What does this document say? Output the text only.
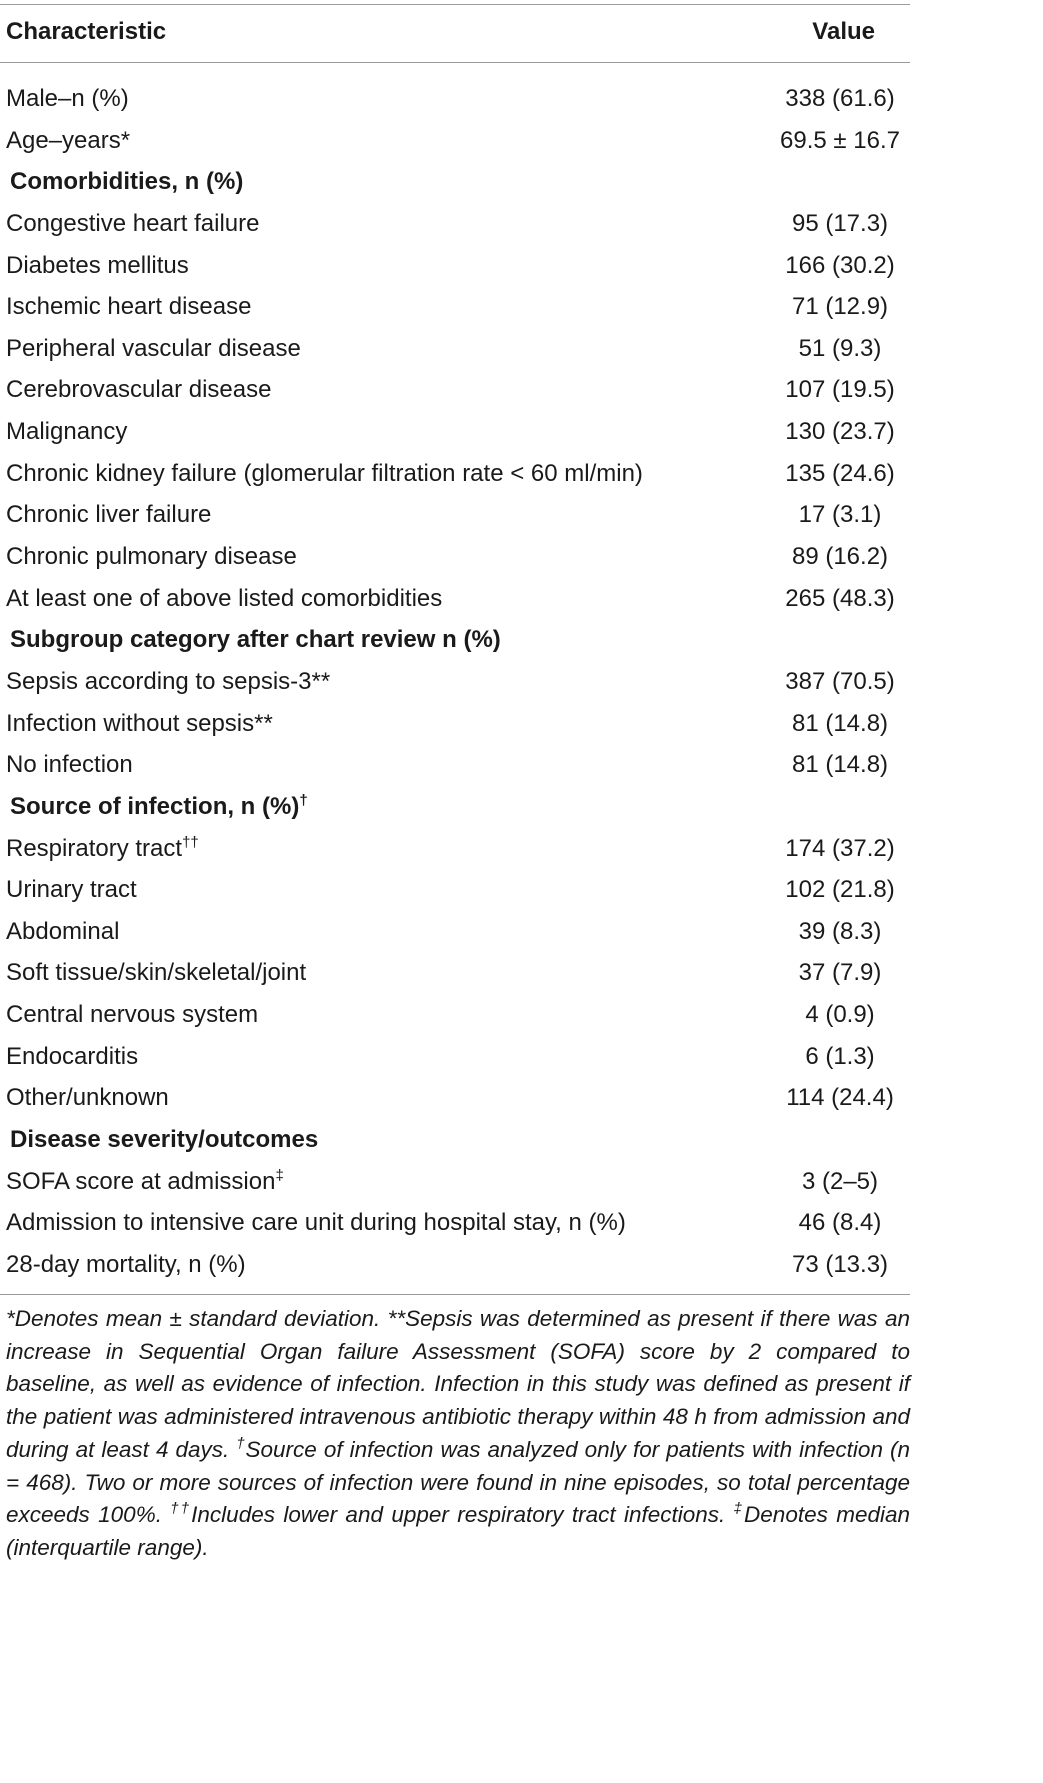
Characteristic	Value
Male–n (%)	338 (61.6)
Age–years*	69.5 ± 16.7
Comorbidities, n (%)
Congestive heart failure	95 (17.3)
Diabetes mellitus	166 (30.2)
Ischemic heart disease	71 (12.9)
Peripheral vascular disease	51 (9.3)
Cerebrovascular disease	107 (19.5)
Malignancy	130 (23.7)
Chronic kidney failure (glomerular filtration rate < 60 ml/min)	135 (24.6)
Chronic liver failure	17 (3.1)
Chronic pulmonary disease	89 (16.2)
At least one of above listed comorbidities	265 (48.3)
Subgroup category after chart review n (%)
Sepsis according to sepsis-3**	387 (70.5)
Infection without sepsis**	81 (14.8)
No infection	81 (14.8)
Source of infection, n (%)†
Respiratory tract††	174 (37.2)
Urinary tract	102 (21.8)
Abdominal	39 (8.3)
Soft tissue/skin/skeletal/joint	37 (7.9)
Central nervous system	4 (0.9)
Endocarditis	6 (1.3)
Other/unknown	114 (24.4)
Disease severity/outcomes
SOFA score at admission‡	3 (2–5)
Admission to intensive care unit during hospital stay, n (%)	46 (8.4)
28-day mortality, n (%)	73 (13.3)
*Denotes mean ± standard deviation. **Sepsis was determined as present if there was an increase in Sequential Organ failure Assessment (SOFA) score by 2 compared to baseline, as well as evidence of infection. Infection in this study was defined as present if the patient was administered intravenous antibiotic therapy within 48 h from admission and during at least 4 days. †Source of infection was analyzed only for patients with infection (n = 468). Two or more sources of infection were found in nine episodes, so total percentage exceeds 100%. ††Includes lower and upper respiratory tract infections. ‡Denotes median (interquartile range).
